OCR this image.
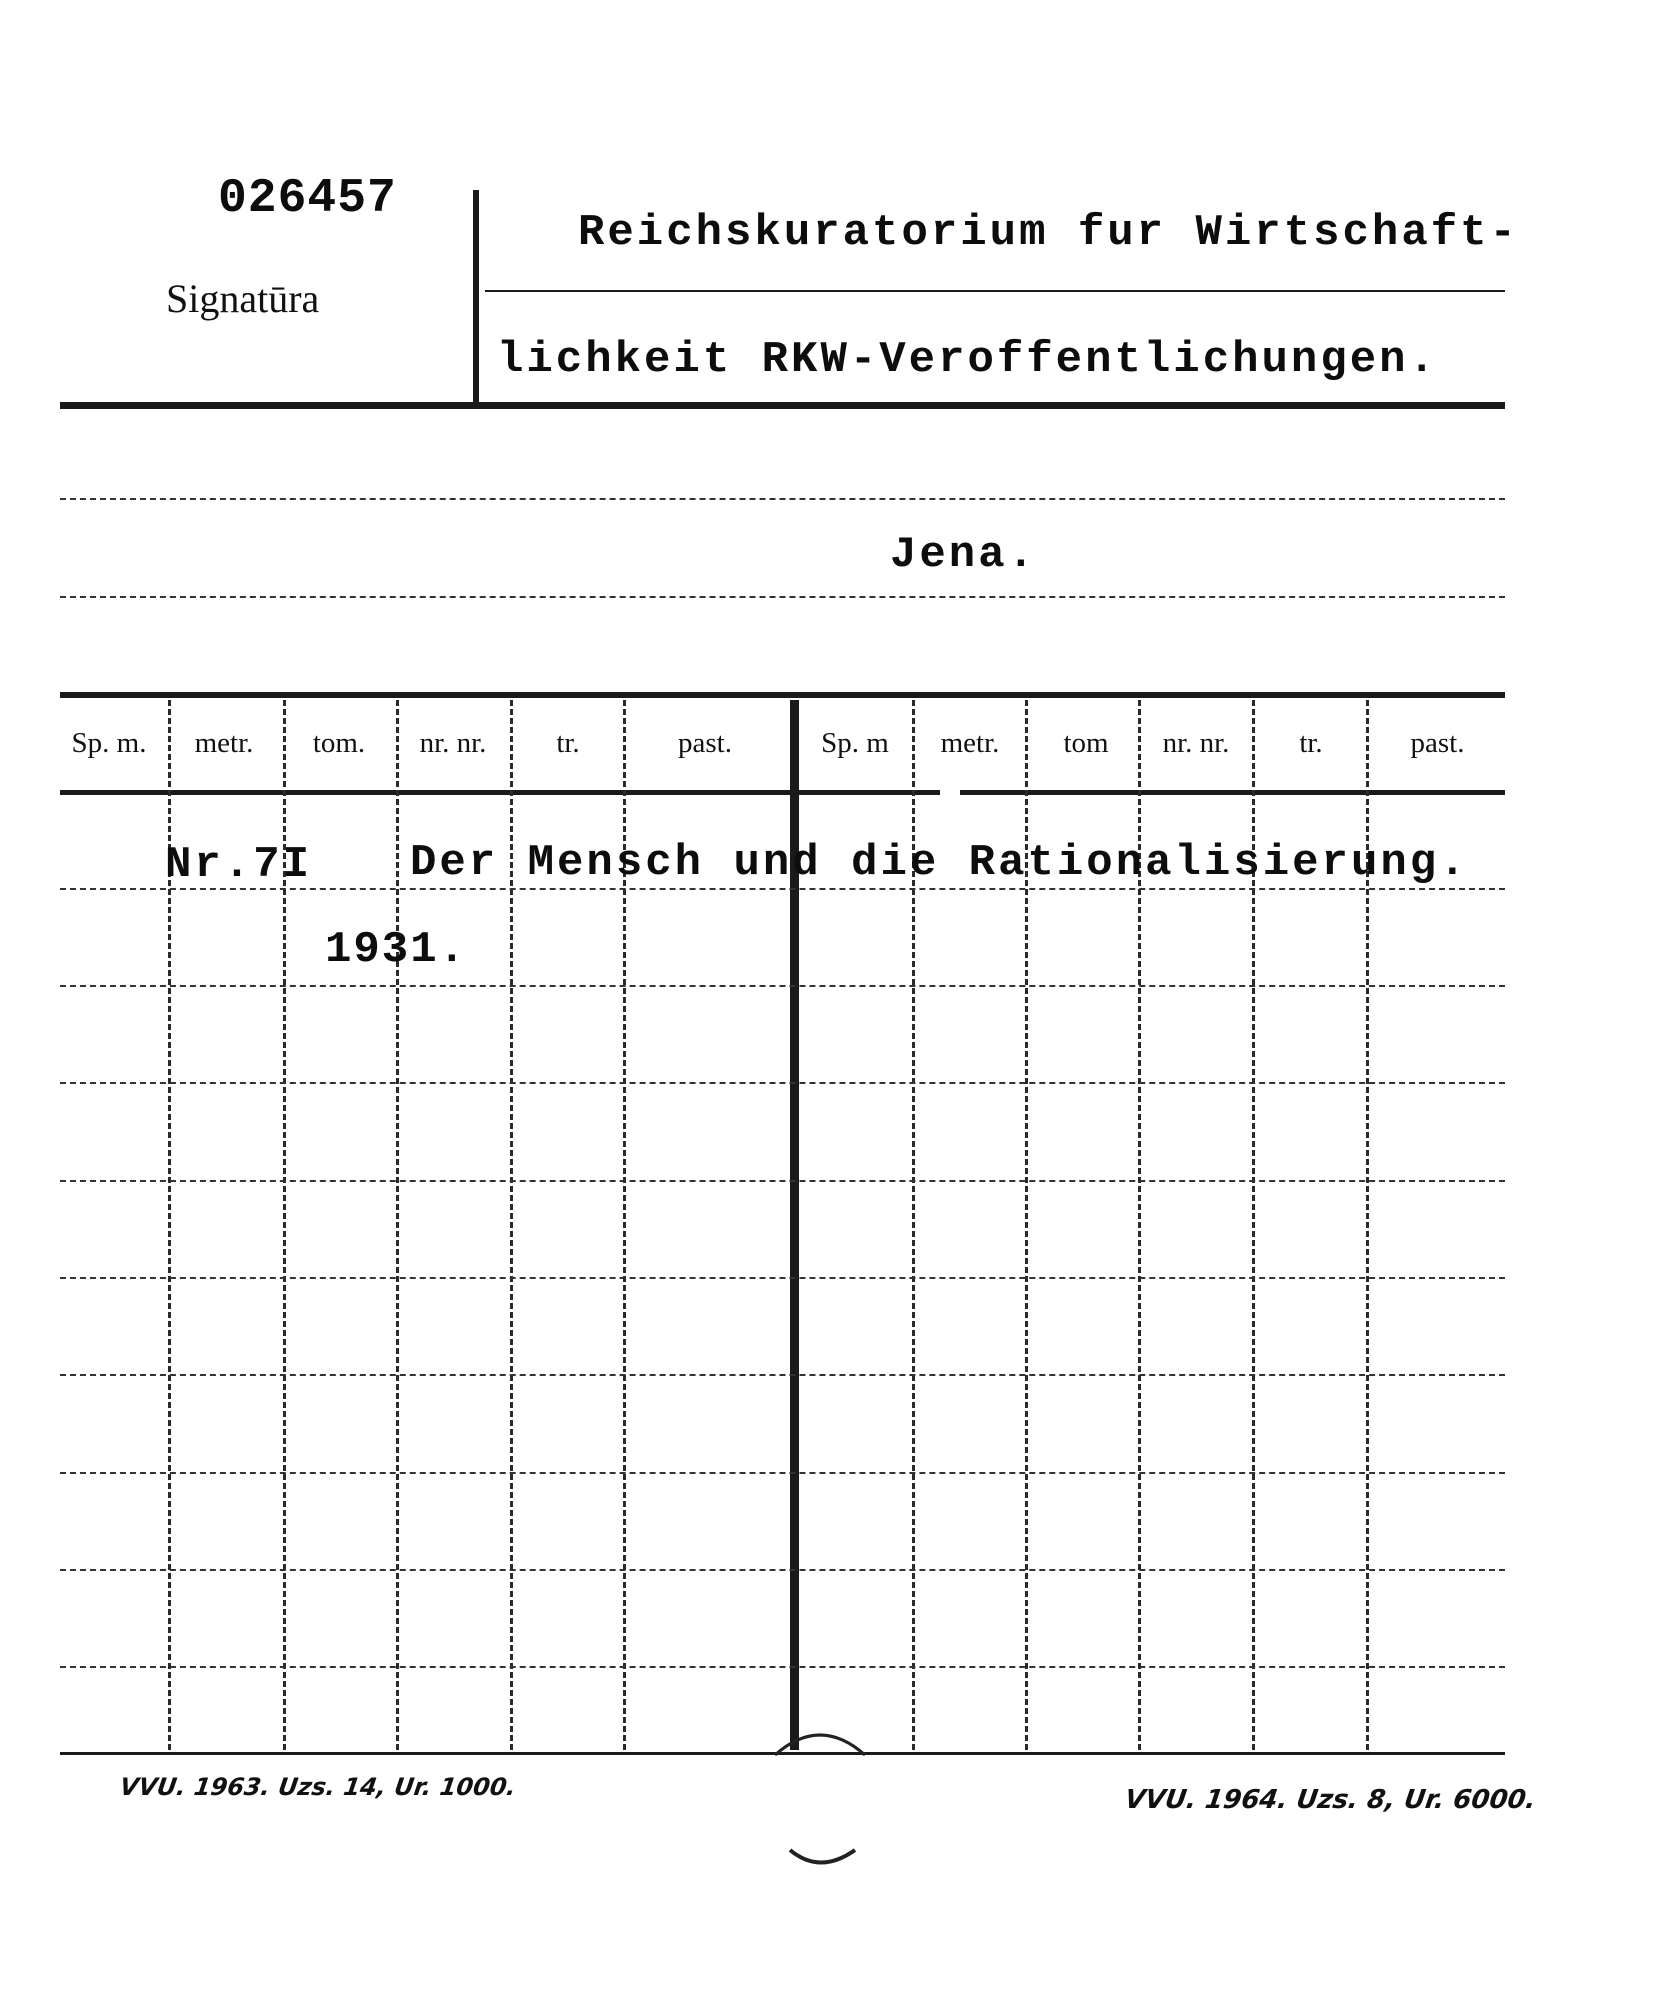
026457
Signatūra
Reichskuratorium fur Wirtschaft-
lichkeit RKW-Veroffentlichungen.
Jena.
Sp. m.	metr.	tom.	nr. nr.	tr.	past.	Sp. m	metr.	tom	nr. nr.	tr.	past.
Nr.7I Der Mensch und die Rationalisierung.
1931.
VVU. 1963. Uzs. 14, Ur. 1000.	VVU. 1964. Uzs. 8, Ur. 6000.
